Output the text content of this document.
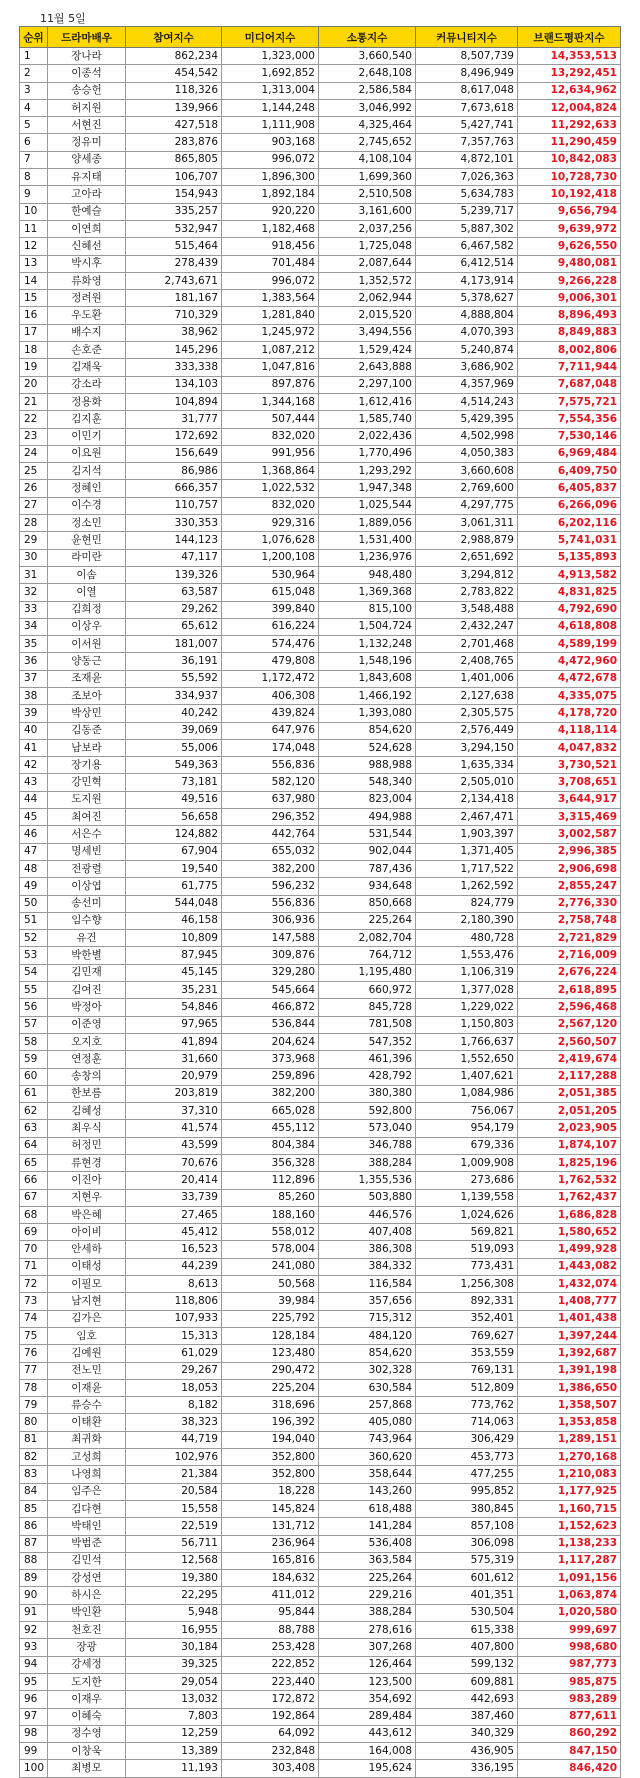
11월 5일
순위	드라마배우	참여지수	미디어지수	소통지수	커뮤니티지수	브랜드평판지수
1	장나라	862,234	1,323,000	3,660,540	8,507,739	14,353,513
2	이종석	454,542	1,692,852	2,648,108	8,496,949	13,292,451
3	송승헌	118,326	1,313,004	2,586,584	8,617,048	12,634,962
4	허지원	139,966	1,144,248	3,046,992	7,673,618	12,004,824
5	서현진	427,518	1,111,908	4,325,464	5,427,741	11,292,633
6	정유미	283,876	903,168	2,745,652	7,357,763	11,290,459
7	양세종	865,805	996,072	4,108,104	4,872,101	10,842,083
8	유지태	106,707	1,896,300	1,699,360	7,026,363	10,728,730
9	고아라	154,943	1,892,184	2,510,508	5,634,783	10,192,418
10	한예슬	335,257	920,220	3,161,600	5,239,717	9,656,794
11	이연희	532,947	1,182,468	2,037,256	5,887,302	9,639,972
12	신혜선	515,464	918,456	1,725,048	6,467,582	9,626,550
13	박시후	278,439	701,484	2,087,644	6,412,514	9,480,081
14	류화영	2,743,671	996,072	1,352,572	4,173,914	9,266,228
15	정려원	181,167	1,383,564	2,062,944	5,378,627	9,006,301
16	우도환	710,329	1,281,840	2,015,520	4,888,804	8,896,493
17	배수지	38,962	1,245,972	3,494,556	4,070,393	8,849,883
18	손호준	145,296	1,087,212	1,529,424	5,240,874	8,002,806
19	김재욱	333,338	1,047,816	2,643,888	3,686,902	7,711,944
20	강소라	134,103	897,876	2,297,100	4,357,969	7,687,048
21	정용화	104,894	1,344,168	1,612,416	4,514,243	7,575,721
22	김지훈	31,777	507,444	1,585,740	5,429,395	7,554,356
23	이민기	172,692	832,020	2,022,436	4,502,998	7,530,146
24	이요원	156,649	991,956	1,770,496	4,050,383	6,969,484
25	김지석	86,986	1,368,864	1,293,292	3,660,608	6,409,750
26	정혜인	666,357	1,022,532	1,947,348	2,769,600	6,405,837
27	이수경	110,757	832,020	1,025,544	4,297,775	6,266,096
28	정소민	330,353	929,316	1,889,056	3,061,311	6,202,116
29	윤현민	144,123	1,076,628	1,531,400	2,988,879	5,741,031
30	라미란	47,117	1,200,108	1,236,976	2,651,692	5,135,893
31	이솜	139,326	530,964	948,480	3,294,812	4,913,582
32	이열	63,587	615,048	1,369,368	2,783,822	4,831,825
33	김희정	29,262	399,840	815,100	3,548,488	4,792,690
34	이상우	65,612	616,224	1,504,724	2,432,247	4,618,808
35	이서원	181,007	574,476	1,132,248	2,701,468	4,589,199
36	양동근	36,191	479,808	1,548,196	2,408,765	4,472,960
37	조재윤	55,592	1,172,472	1,843,608	1,401,006	4,472,678
38	조보아	334,937	406,308	1,466,192	2,127,638	4,335,075
39	박상민	40,242	439,824	1,393,080	2,305,575	4,178,720
40	김동준	39,069	647,976	854,620	2,576,449	4,118,114
41	남보라	55,006	174,048	524,628	3,294,150	4,047,832
42	장기용	549,363	556,836	988,988	1,635,334	3,730,521
43	강민혁	73,181	582,120	548,340	2,505,010	3,708,651
44	도지원	49,516	637,980	823,004	2,134,418	3,644,917
45	최여진	56,658	296,352	494,988	2,467,471	3,315,469
46	서은수	124,882	442,764	531,544	1,903,397	3,002,587
47	명세빈	67,904	655,032	902,044	1,371,405	2,996,385
48	전광렬	19,540	382,200	787,436	1,717,522	2,906,698
49	이상엽	61,775	596,232	934,648	1,262,592	2,855,247
50	송선미	544,048	556,836	850,668	824,779	2,776,330
51	임수향	46,158	306,936	225,264	2,180,390	2,758,748
52	유건	10,809	147,588	2,082,704	480,728	2,721,829
53	박한별	87,945	309,876	764,712	1,553,476	2,716,009
54	김민재	45,145	329,280	1,195,480	1,106,319	2,676,224
55	김여진	35,231	545,664	660,972	1,377,028	2,618,895
56	박정아	54,846	466,872	845,728	1,229,022	2,596,468
57	이준영	97,965	536,844	781,508	1,150,803	2,567,120
58	오지호	41,894	204,624	547,352	1,766,637	2,560,507
59	연정훈	31,660	373,968	461,396	1,552,650	2,419,674
60	송창의	20,979	259,896	428,792	1,407,621	2,117,288
61	한보름	203,819	382,200	380,380	1,084,986	2,051,385
62	김혜성	37,310	665,028	592,800	756,067	2,051,205
63	최우식	41,574	455,112	573,040	954,179	2,023,905
64	허정민	43,599	804,384	346,788	679,336	1,874,107
65	류현경	70,676	356,328	388,284	1,009,908	1,825,196
66	이진아	20,414	112,896	1,355,536	273,686	1,762,532
67	지현우	33,739	85,260	503,880	1,139,558	1,762,437
68	박은혜	27,465	188,160	446,576	1,024,626	1,686,828
69	아이비	45,412	558,012	407,408	569,821	1,580,652
70	안세하	16,523	578,004	386,308	519,093	1,499,928
71	이태성	44,239	241,080	384,332	773,431	1,443,082
72	이필모	8,613	50,568	116,584	1,256,308	1,432,074
73	남지현	118,806	39,984	357,656	892,331	1,408,777
74	김가은	107,933	225,792	715,312	352,401	1,401,438
75	임호	15,313	128,184	484,120	769,627	1,397,244
76	김예원	61,029	123,480	854,620	353,559	1,392,687
77	전노민	29,267	290,472	302,328	769,131	1,391,198
78	이재윤	18,053	225,204	630,584	512,809	1,386,650
79	류승수	8,182	318,696	257,868	773,762	1,358,507
80	이태환	38,323	196,392	405,080	714,063	1,353,858
81	최귀화	44,719	194,040	743,964	306,429	1,289,151
82	고성희	102,976	352,800	360,620	453,773	1,270,168
83	나영희	21,384	352,800	358,644	477,255	1,210,083
84	임주은	20,584	18,228	143,260	995,852	1,177,925
85	김다현	15,558	145,824	618,488	380,845	1,160,715
86	박태인	22,519	131,712	141,284	857,108	1,152,623
87	박범준	56,711	236,964	536,408	306,098	1,138,233
88	김민석	12,568	165,816	363,584	575,319	1,117,287
89	강성연	19,380	184,632	225,264	601,612	1,091,156
90	하시은	22,295	411,012	229,216	401,351	1,063,874
91	박인환	5,948	95,844	388,284	530,504	1,020,580
92	천호진	16,955	88,788	278,616	615,338	999,697
93	장광	30,184	253,428	307,268	407,800	998,680
94	강세정	39,325	222,852	126,464	599,132	987,773
95	도지한	29,054	223,440	123,500	609,881	985,875
96	이재우	13,032	172,872	354,692	442,693	983,289
97	이혜숙	7,803	192,864	289,484	387,460	877,611
98	정수영	12,259	64,092	443,612	340,329	860,292
99	이창욱	13,389	232,848	164,008	436,905	847,150
100	최병모	11,193	303,408	195,624	336,195	846,420
